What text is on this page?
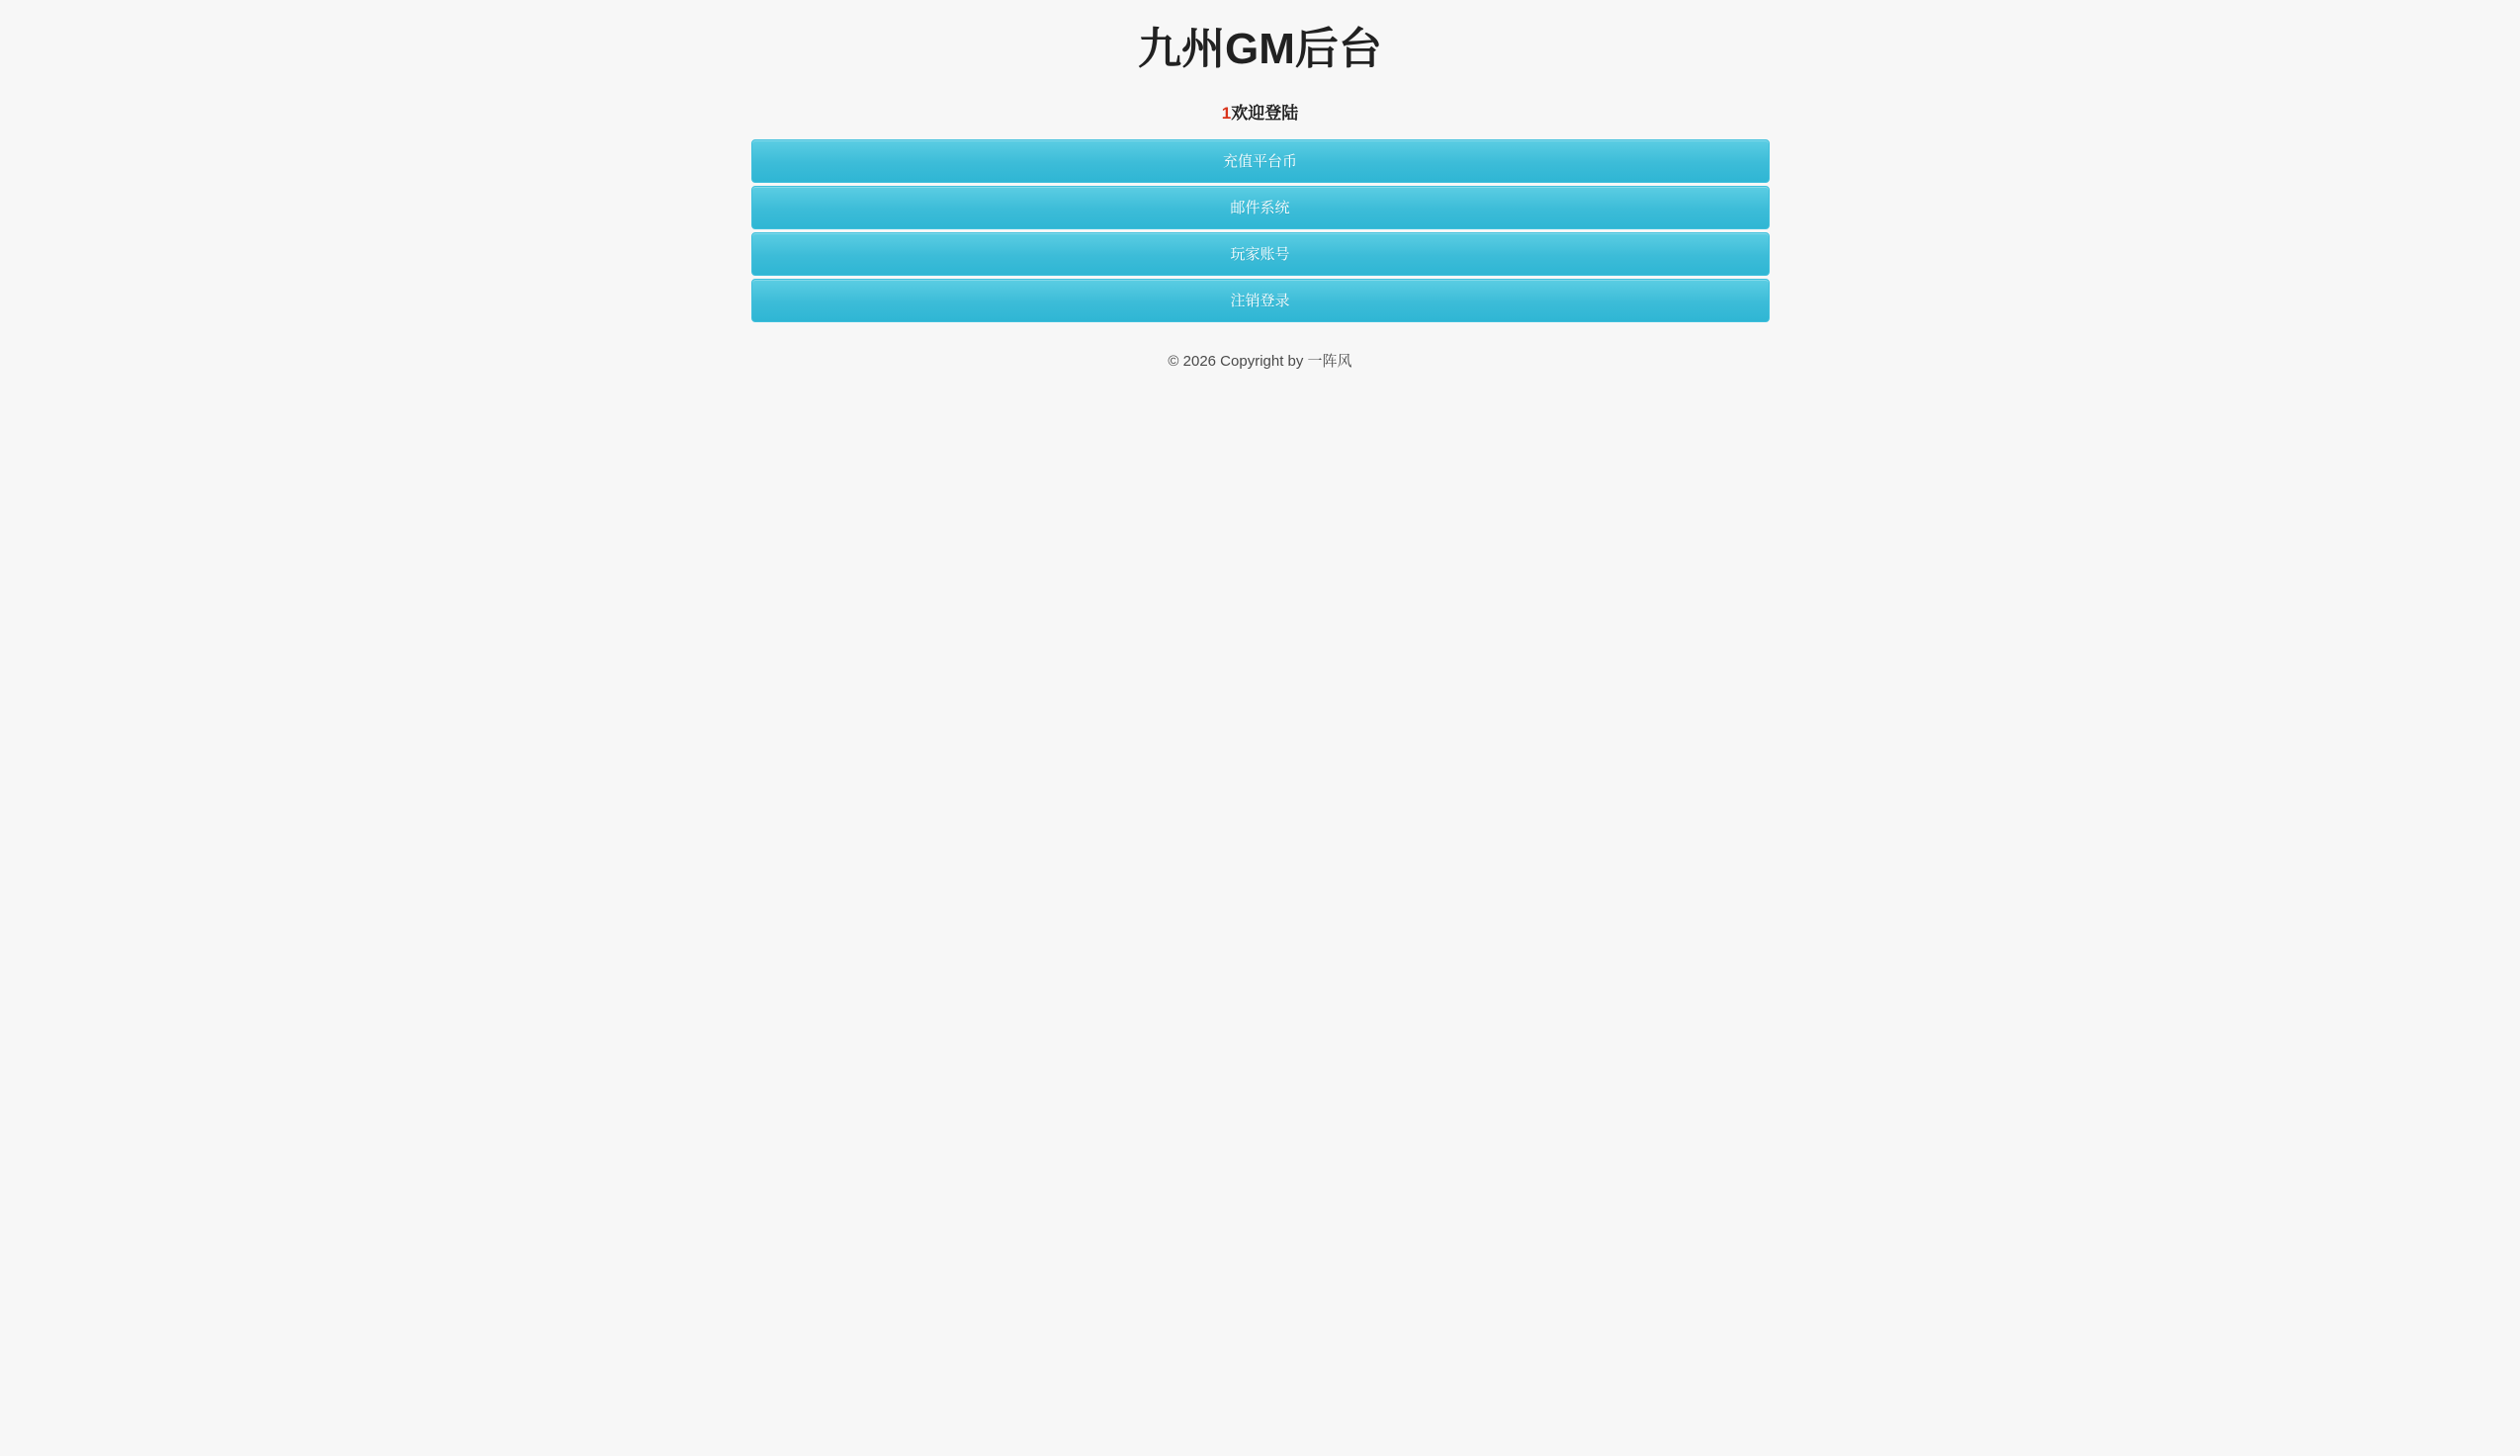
九州GM后台
1欢迎登陆
充值平台币
邮件系统
玩家账号
注销登录
© 2026 Copyright by 一阵风
